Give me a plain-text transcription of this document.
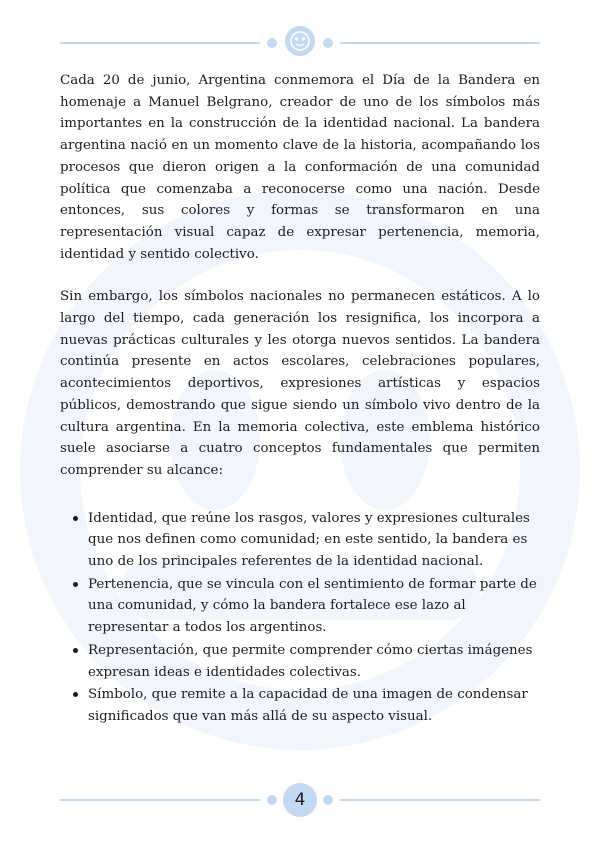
Cada 20 de junio, Argentina conmemora el Día de la Bandera en homenaje a Manuel Belgrano, creador de uno de los símbolos más importantes en la construcción de la identidad nacional. La bandera argentina nació en un momento clave de la historia, acompañando los procesos que dieron origen a la conformación de una comunidad política que comenzaba a reconocerse como una nación. Desde entonces, sus colores y formas se transformaron en una representación visual capaz de expresar pertenencia, memoria, identidad y sentido colectivo.

Sin embargo, los símbolos nacionales no permanecen estáticos. A lo largo del tiempo, cada generación los resignifica, los incorpora a nuevas prácticas culturales y les otorga nuevos sentidos. La bandera continúa presente en actos escolares, celebraciones populares, acontecimientos deportivos, expresiones artísticas y espacios públicos, demostrando que sigue siendo un símbolo vivo dentro de la cultura argentina. En la memoria colectiva, este emblema histórico suele asociarse a cuatro conceptos fundamentales que permiten comprender su alcance:

Identidad, que reúne los rasgos, valores y expresiones culturales que nos definen como comunidad; en este sentido, la bandera es uno de los principales referentes de la identidad nacional.
Pertenencia, que se vincula con el sentimiento de formar parte de una comunidad, y cómo la bandera fortalece ese lazo al representar a todos los argentinos.
Representación, que permite comprender cómo ciertas imágenes expresan ideas e identidades colectivas.
Símbolo, que remite a la capacidad de una imagen de condensar significados que van más allá de su aspecto visual.
4
